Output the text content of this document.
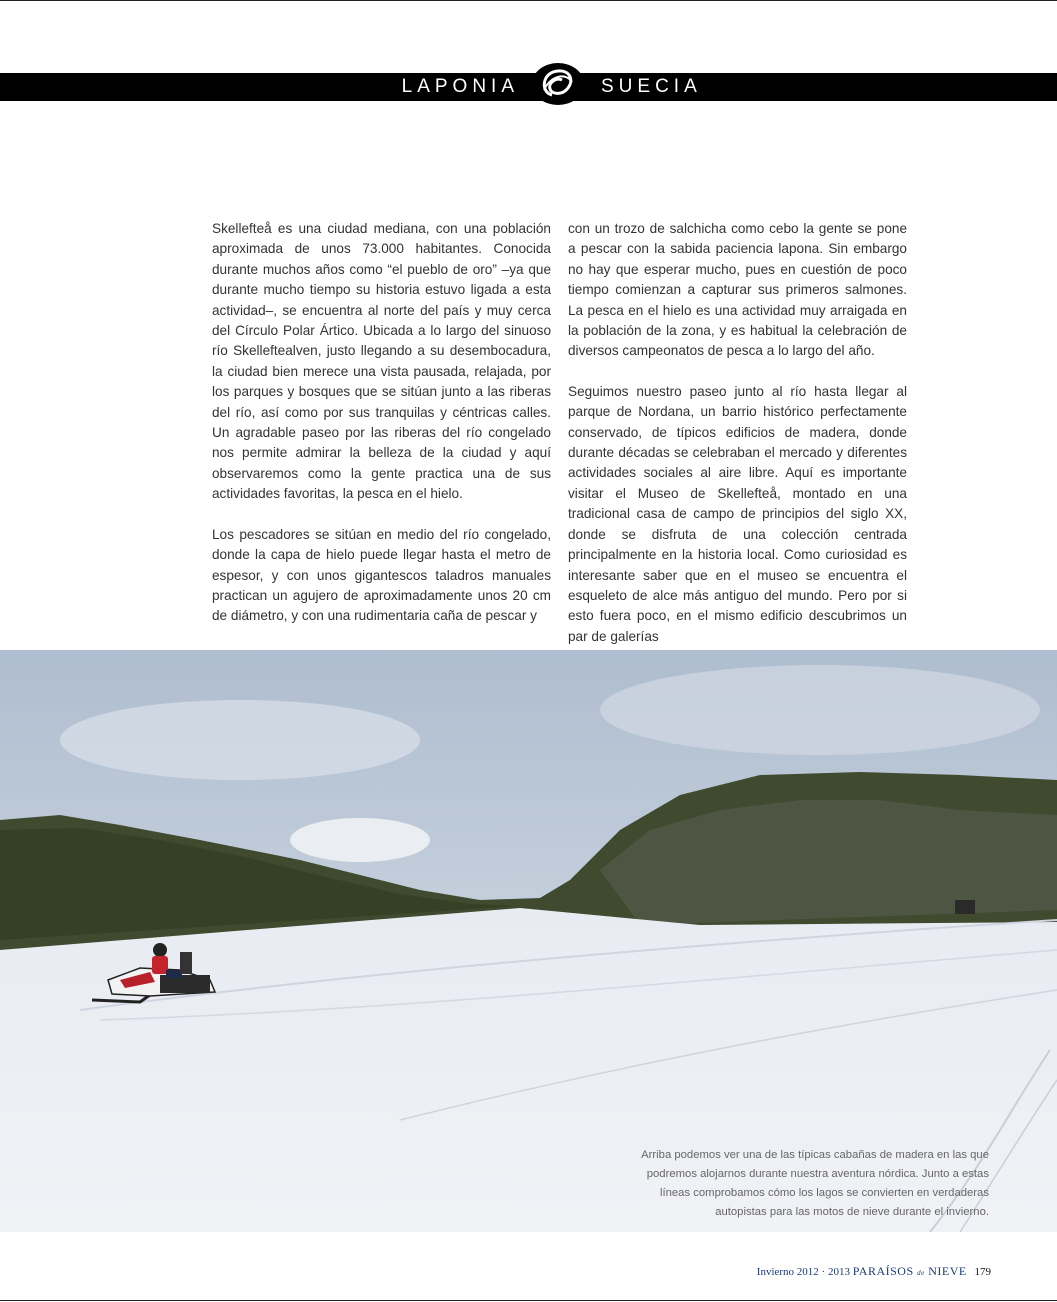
LAPONIA	SUECIA

Skellefteå es una ciudad mediana, con una población aproximada de unos 73.000 habitantes. Conocida durante muchos años como “el pueblo de oro” –ya que durante mucho tiempo su historia estuvo ligada a esta actividad–, se encuentra al norte del país y muy cerca del Círculo Polar Ártico. Ubicada a lo largo del sinuoso río Skelleftealven, justo llegando a su desembocadura, la ciudad bien merece una vista pausada, relajada, por los parques y bosques que se sitúan junto a las riberas del río, así como por sus tranquilas y céntricas calles. Un agradable paseo por las riberas del río congelado nos permite admirar la belleza de la ciudad y aquí observaremos como la gente practica una de sus actividades favoritas, la pesca en el hielo.

Los pescadores se sitúan en medio del río congelado, donde la capa de hielo puede llegar hasta el metro de espesor, y con unos gigantescos taladros manuales practican un agujero de aproximadamente unos 20 cm de diámetro, y con una rudimentaria caña de pescar y

con un trozo de salchicha como cebo la gente se pone a pescar con la sabida paciencia lapona. Sin embargo no hay que esperar mucho, pues en cuestión de poco tiempo comienzan a capturar sus primeros salmones. La pesca en el hielo es una actividad muy arraigada en la población de la zona, y es habitual la celebración de diversos campeonatos de pesca a lo largo del año.

Seguimos nuestro paseo junto al río hasta llegar al parque de Nordana, un barrio histórico perfectamente conservado, de típicos edificios de madera, donde durante décadas se celebraban el mercado y diferentes actividades sociales al aire libre. Aquí es importante visitar el Museo de Skellefteå, montado en una tradicional casa de campo de principios del siglo XX, donde se disfruta de una colección centrada principalmente en la historia local. Como curiosidad es interesante saber que en el museo se encuentra el esqueleto de alce más antiguo del mundo. Pero por si esto fuera poco, en el mismo edificio descubrimos un par de galerías

Arriba podemos ver una de las típicas cabañas de madera en las que podremos alojarnos durante nuestra aventura nórdica. Junto a estas líneas comprobamos cómo los lagos se convierten en verdaderas autopistas para las motos de nieve durante el invierno.
Invierno 2012 · 2013 PARAÍSOS de NIEVE 179
